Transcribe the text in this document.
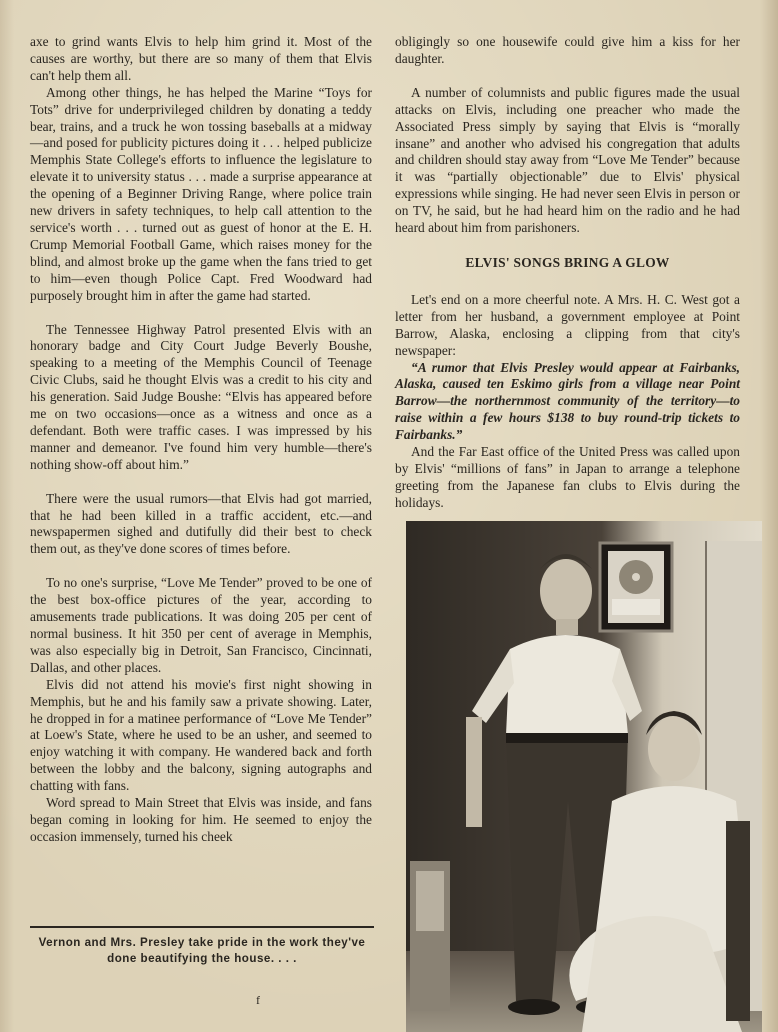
axe to grind wants Elvis to help him grind it. Most of the causes are worthy, but there are so many of them that Elvis can't help them all.

Among other things, he has helped the Marine “Toys for Tots” drive for underprivileged children by donating a teddy bear, trains, and a truck he won tossing baseballs at a midway—and posed for publicity pictures doing it . . . helped publicize Memphis State College's efforts to influence the legislature to elevate it to university status . . . made a surprise appearance at the opening of a Beginner Driving Range, where police train new drivers in safety techniques, to help call attention to the service's worth . . . turned out as guest of honor at the E. H. Crump Memorial Football Game, which raises money for the blind, and almost broke up the game when the fans tried to get to him—even though Police Capt. Fred Woodward had purposely brought him in after the game had started.

The Tennessee Highway Patrol presented Elvis with an honorary badge and City Court Judge Beverly Boushe, speaking to a meeting of the Memphis Council of Teenage Civic Clubs, said he thought Elvis was a credit to his city and his generation. Said Judge Boushe: “Elvis has appeared before me on two occasions—once as a witness and once as a defendant. Both were traffic cases. I was impressed by his manner and demeanor. I've found him very humble—there's nothing show-off about him.”

There were the usual rumors—that Elvis had got married, that he had been killed in a traffic accident, etc.—and newspapermen sighed and dutifully did their best to check them out, as they've done scores of times before.

To no one's surprise, “Love Me Tender” proved to be one of the best box-office pictures of the year, according to amusements trade publications. It was doing 205 per cent of normal business. It hit 350 per cent of average in Memphis, was also especially big in Detroit, San Francisco, Cincinnati, Dallas, and other places.

Elvis did not attend his movie's first night showing in Memphis, but he and his family saw a private showing. Later, he dropped in for a matinee performance of “Love Me Tender” at Loew's State, where he used to be an usher, and seemed to enjoy watching it with company. He wandered back and forth between the lobby and the balcony, signing autographs and chatting with fans.

Word spread to Main Street that Elvis was inside, and fans began coming in looking for him. He seemed to enjoy the occasion immensely, turned his cheek

obligingly so one housewife could give him a kiss for her daughter.

A number of columnists and public figures made the usual attacks on Elvis, including one preacher who made the Associated Press simply by saying that Elvis is “morally insane” and another who advised his congregation that adults and children should stay away from “Love Me Tender” because it was “partially objectionable” due to Elvis' physical expressions while singing. He had never seen Elvis in person or on TV, he said, but he had heard him on the radio and he had heard about him from parishoners.

ELVIS' SONGS BRING A GLOW

Let's end on a more cheerful note. A Mrs. H. C. West got a letter from her husband, a government employee at Point Barrow, Alaska, enclosing a clipping from that city's newspaper:

“A rumor that Elvis Presley would appear at Fairbanks, Alaska, caused ten Eskimo girls from a village near Point Barrow—the northernmost community of the territory—to raise within a few hours $138 to buy round-trip tickets to Fairbanks.”

And the Far East office of the United Press was called upon by Elvis' “millions of fans” in Japan to arrange a telephone greeting from the Japanese fan clubs to Elvis during the holidays.

Vernon and Mrs. Presley take pride in the work they've done beautifying the house. . . .
f
